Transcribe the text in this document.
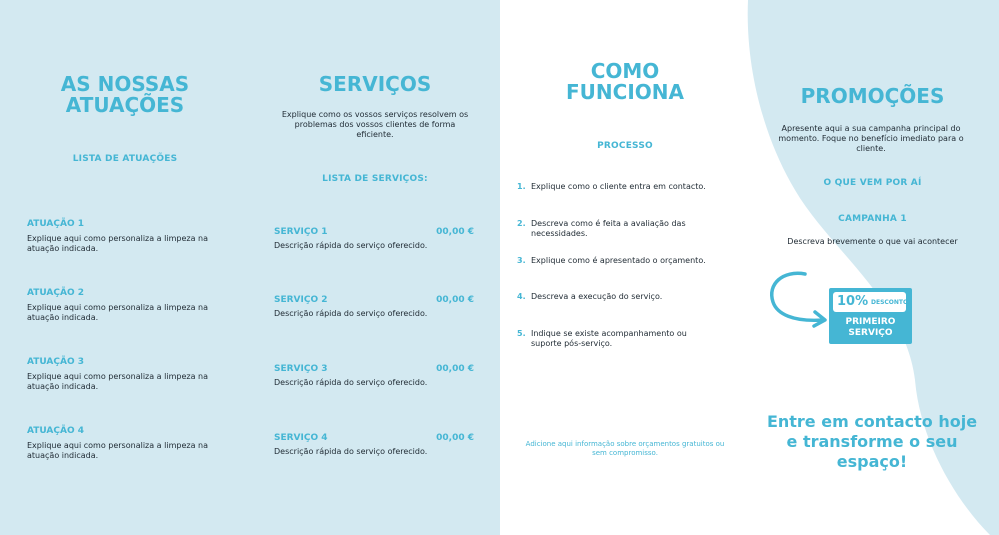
AS NOSSAS
ATUAÇÕES
LISTA DE ATUAÇÕES
ATUAÇÃO 1
Explique aqui como personaliza a limpeza na atuação indicada.
ATUAÇÃO 2
Explique aqui como personaliza a limpeza na atuação indicada.
ATUAÇÃO 3
Explique aqui como personaliza a limpeza na atuação indicada.
ATUAÇÃO 4
Explique aqui como personaliza a limpeza na atuação indicada.
SERVIÇOS
Explique como os vossos serviços resolvem os problemas dos vossos clientes de forma eficiente.
LISTA DE SERVIÇOS:
SERVIÇO 1	00,00 €
Descrição rápida do serviço oferecido.
SERVIÇO 2	00,00 €
Descrição rápida do serviço oferecido.
SERVIÇO 3	00,00 €
Descrição rápida do serviço oferecido.
SERVIÇO 4	00,00 €
Descrição rápida do serviço oferecido.
COMO
FUNCIONA
PROCESSO
1. Explique como o cliente entra em contacto.
2. Descreva como é feita a avaliação das necessidades.
3. Explique como é apresentado o orçamento.
4. Descreva a execução do serviço.
5. Indique se existe acompanhamento ou suporte pós-serviço.
Adicione aqui informação sobre orçamentos gratuitos ou sem compromisso.
PROMOÇÕES
Apresente aqui a sua campanha principal do momento. Foque no benefício imediato para o cliente.
O QUE VEM POR AÍ
CAMPANHA 1
Descreva brevemente o que vai acontecer
10% DESCONTO
PRIMEIRO
SERVIÇO
Entre em contacto hoje e transforme o seu espaço!
